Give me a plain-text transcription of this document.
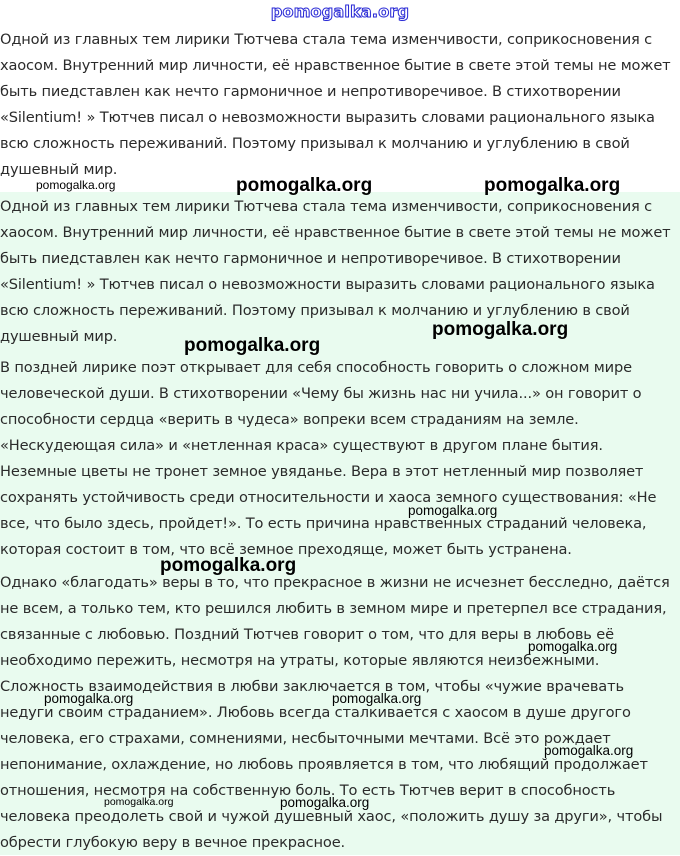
pomogalka.org

Одной из главных тем лирики Тютчева стала тема изменчивости, соприкосновения с хаосом. Внутренний мир личности, её нравственное бытие в свете этой темы не может быть пиедставлен как нечто гармоничное и непротиворечивое. В стихотворении «Silentium! » Тютчев писал о невозможности выразить словами рационального языка всю сложность переживаний. Поэтому призывал к молчанию и углублению в свой душевный мир.

Одной из главных тем лирики Тютчева стала тема изменчивости, соприкосновения с хаосом. Внутренний мир личности, её нравственное бытие в свете этой темы не может быть пиедставлен как нечто гармоничное и непротиворечивое. В стихотворении «Silentium! » Тютчев писал о невозможности выразить словами рационального языка всю сложность переживаний. Поэтому призывал к молчанию и углублению в свой душевный мир.

В поздней лирике поэт открывает для себя способность говорить о сложном мире человеческой души. В стихотворении «Чему бы жизнь нас ни учила...» он говорит о способности сердца «верить в чудеса» вопреки всем страданиям на земле. «Нескудеющая сила» и «нетленная краса» существуют в другом плане бытия. Неземные цветы не тронет земное увяданье. Вера в этот нетленный мир позволяет сохранять устойчивость среди относительности и хаоса земного существования: «Не все, что было здесь, пройдет!». То есть причина нравственных страданий человека, которая состоит в том, что всё земное преходяще, может быть устранена.

Однако «благодать» веры в то, что прекрасное в жизни не исчезнет бесследно, даётся не всем, а только тем, кто решился любить в земном мире и претерпел все страдания, связанные с любовью. Поздний Тютчев говорит о том, что для веры в любовь её необходимо пережить, несмотря на утраты, которые являются неизбежными. Сложность взаимодействия в любви заключается в том, чтобы «чужие врачевать недуги своим страданием». Любовь всегда сталкивается с хаосом в душе другого человека, его страхами, сомнениями, несбыточными мечтами. Всё это рождает непонимание, охлаждение, но любовь проявляется в том, что любящий продолжает отношения, несмотря на собственную боль. То есть Тютчев верит в способность человека преодолеть свой и чужой душевный хаос, «положить душу за други», чтобы обрести глубокую веру в вечное прекрасное.

pomogalka.org	pomogalka.org	pomogalka.org
pomogalka.org
pomogalka.org
pomogalka.org
pomogalka.org
pomogalka.org
pomogalka.org	pomogalka.org
pomogalka.org
pomogalka.org	pomogalka.org
